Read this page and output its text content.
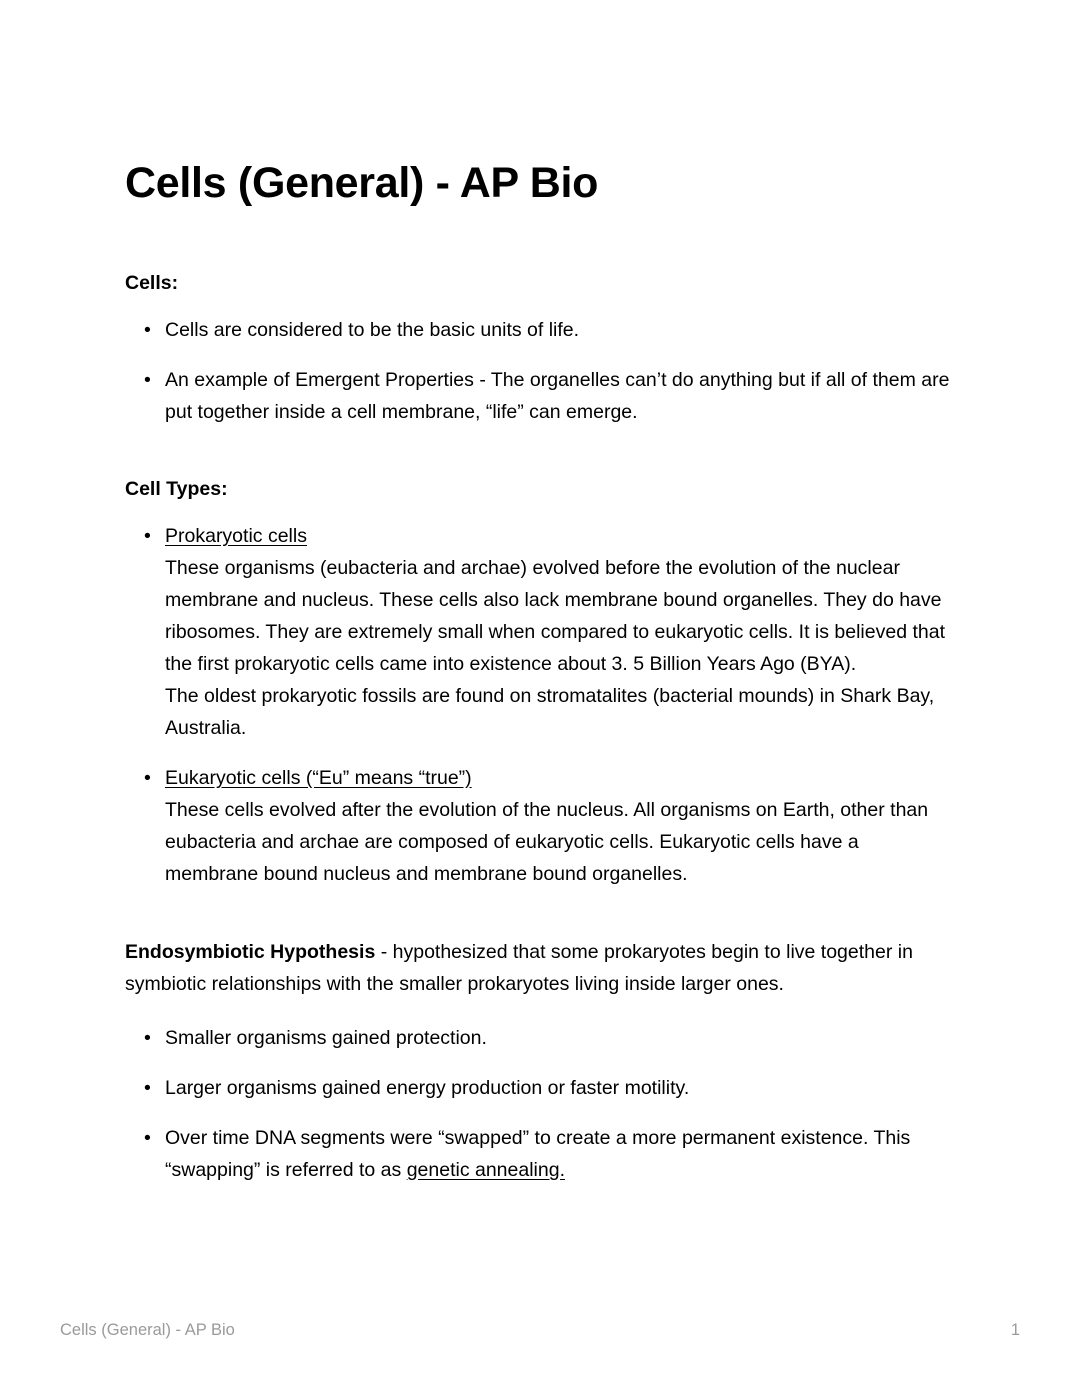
Cells (General) - AP Bio
Cells:
• Cells are considered to be the basic units of life.
• An example of Emergent Properties - The organelles can’t do anything but if all of them are put together inside a cell membrane, “life” can emerge.
Cell Types:
• Prokaryotic cells
These organisms (eubacteria and archae) evolved before the evolution of the nuclear membrane and nucleus. These cells also lack membrane bound organelles. They do have ribosomes. They are extremely small when compared to eukaryotic cells. It is believed that the first prokaryotic cells came into existence about 3. 5 Billion Years Ago (BYA).
The oldest prokaryotic fossils are found on stromatalites (bacterial mounds) in Shark Bay, Australia.
• Eukaryotic cells (“Eu” means “true”)
These cells evolved after the evolution of the nucleus. All organisms on Earth, other than eubacteria and archae are composed of eukaryotic cells. Eukaryotic cells have a membrane bound nucleus and membrane bound organelles.

Endosymbiotic Hypothesis - hypothesized that some prokaryotes begin to live together in symbiotic relationships with the smaller prokaryotes living inside larger ones.

• Smaller organisms gained protection.
• Larger organisms gained energy production or faster motility.
• Over time DNA segments were “swapped” to create a more permanent existence. This
“swapping” is referred to as genetic annealing.
Cells (General) - AP Bio	1
